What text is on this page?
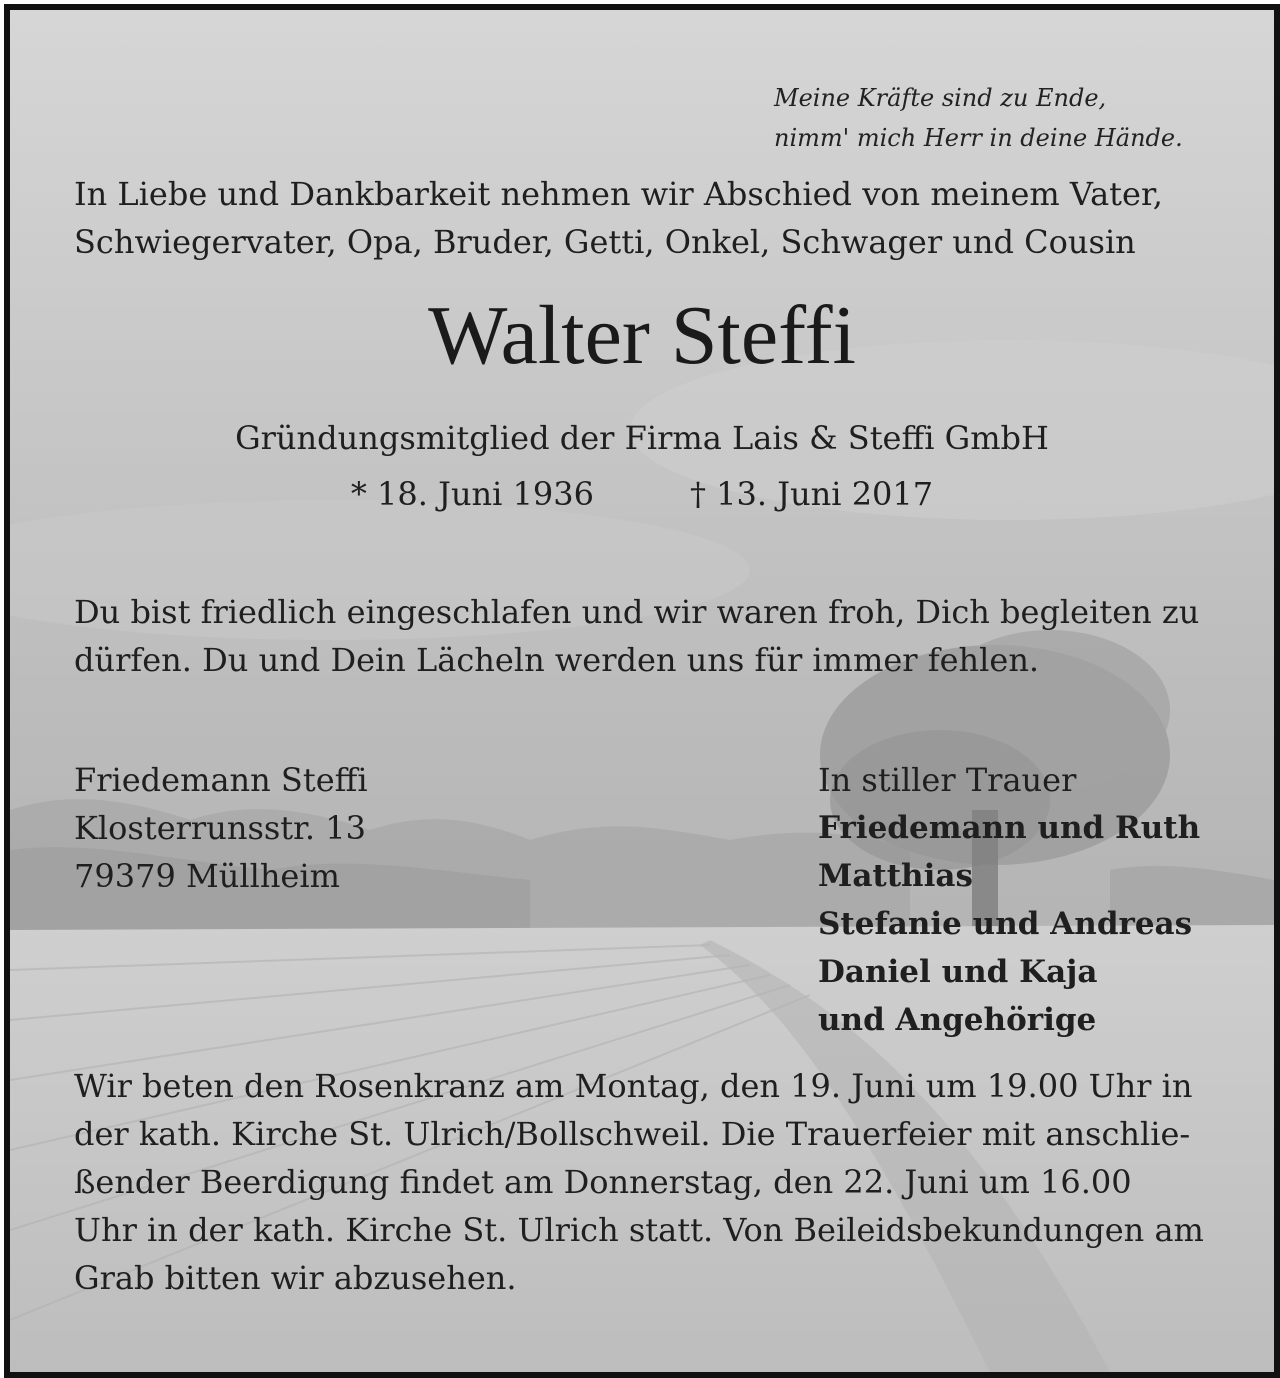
Meine Kräfte sind zu Ende,
nimm' mich Herr in deine Hände.
In Liebe und Dankbarkeit nehmen wir Abschied von meinem Vater,
Schwiegervater, Opa, Bruder, Getti, Onkel, Schwager und Cousin
Walter Steffi
Gründungsmitglied der Firma Lais & Steffi GmbH
* 18. Juni 1936	† 13. Juni 2017
Du bist friedlich eingeschlafen und wir waren froh, Dich begleiten zu
dürfen. Du und Dein Lächeln werden uns für immer fehlen.
Friedemann Steffi
Klosterrunsstr. 13
79379 Müllheim
In stiller Trauer
Friedemann und Ruth
Matthias
Stefanie und Andreas
Daniel und Kaja
und Angehörige
Wir beten den Rosenkranz am Montag, den 19. Juni um 19.00 Uhr in
der kath. Kirche St. Ulrich/Bollschweil. Die Trauerfeier mit anschlie-
ßender Beerdigung findet am Donnerstag, den 22. Juni um 16.00
Uhr in der kath. Kirche St. Ulrich statt. Von Beileidsbekundungen am
Grab bitten wir abzusehen.
